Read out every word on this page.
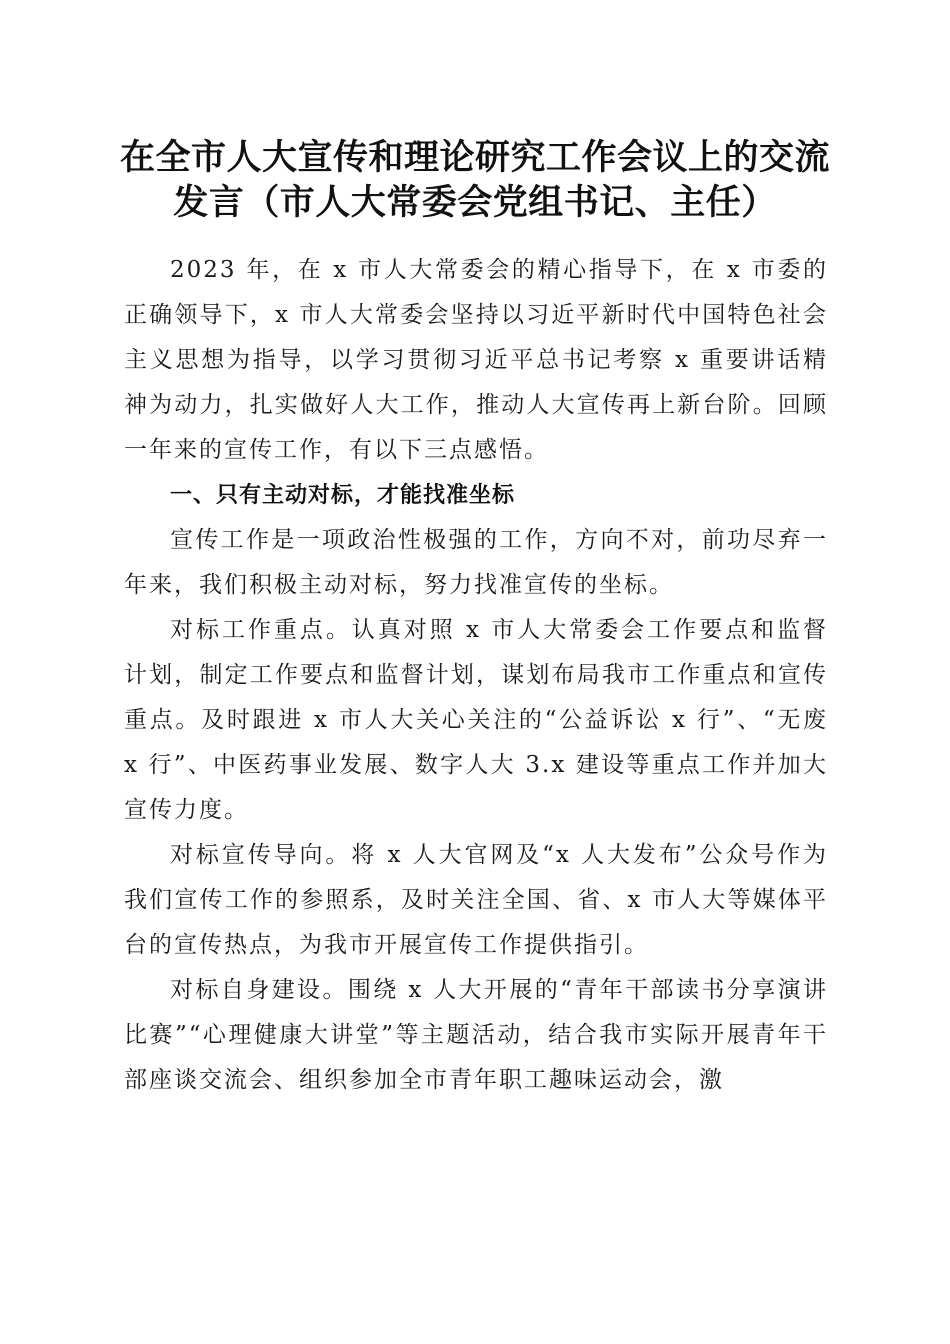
在全市人大宣传和理论研究工作会议上的交流
发言（市人大常委会党组书记、主任）

2023 年，在 x 市人大常委会的精心指导下，在 x 市委的正确领导下，x 市人大常委会坚持以习近平新时代中国特色社会主义思想为指导，以学习贯彻习近平总书记考察 x 重要讲话精神为动力，扎实做好人大工作，推动人大宣传再上新台阶。回顾一年来的宣传工作，有以下三点感悟。

一、只有主动对标，才能找准坐标

宣传工作是一项政治性极强的工作，方向不对，前功尽弃一年来，我们积极主动对标，努力找准宣传的坐标。

对标工作重点。认真对照 x 市人大常委会工作要点和监督计划，制定工作要点和监督计划，谋划布局我市工作重点和宣传重点。及时跟进 x 市人大关心关注的“公益诉讼 x 行”、“无废 x 行”、中医药事业发展、数字人大 3.x 建设等重点工作并加大宣传力度。

对标宣传导向。将 x 人大官网及“x 人大发布”公众号作为我们宣传工作的参照系，及时关注全国、省、x 市人大等媒体平台的宣传热点，为我市开展宣传工作提供指引。

对标自身建设。围绕 x 人大开展的“青年干部读书分享演讲比赛”“心理健康大讲堂”等主题活动，结合我市实际开展青年干部座谈交流会、组织参加全市青年职工趣味运动会，激
